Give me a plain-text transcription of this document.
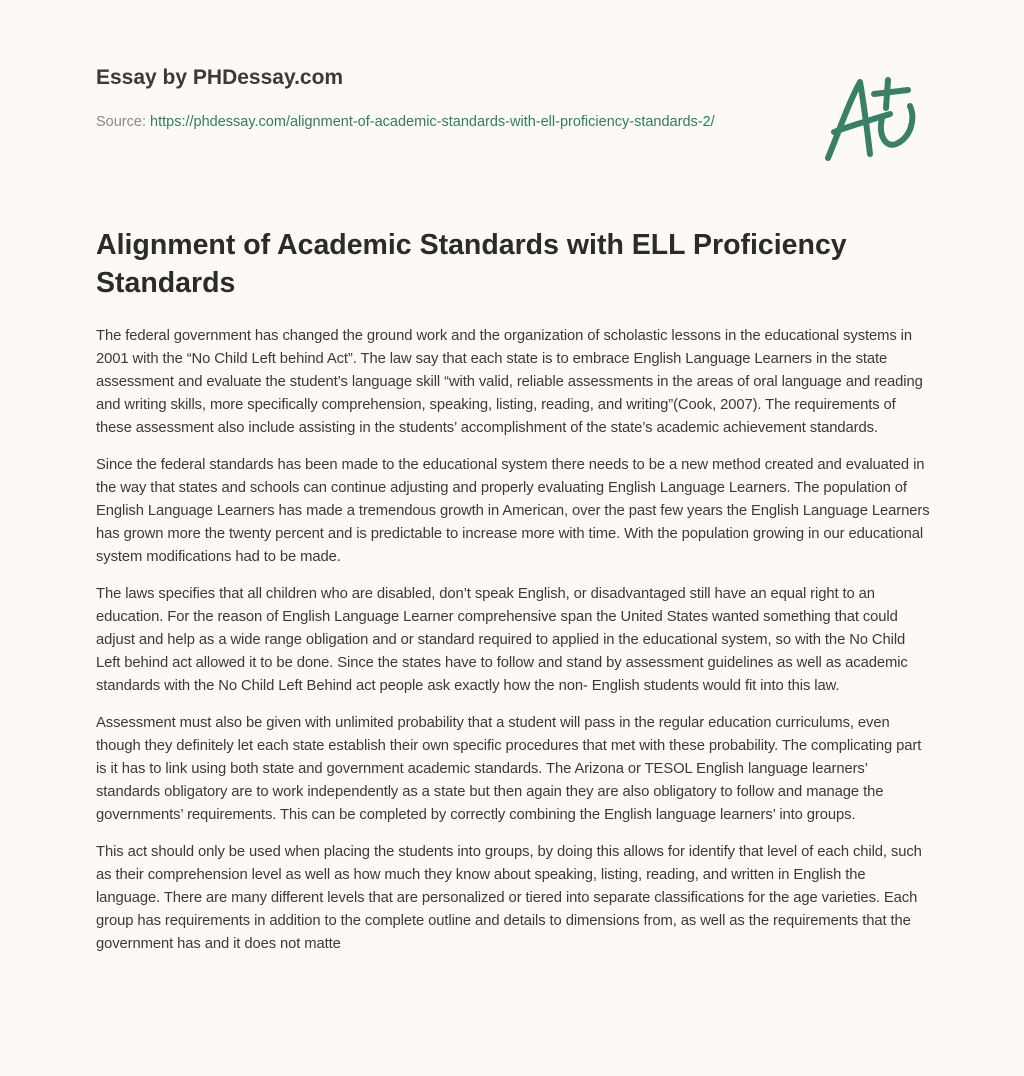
Essay by PHDessay.com
Source: https://phdessay.com/alignment-of-academic-standards-with-ell-proficiency-standards-2/
Alignment of Academic Standards with ELL Proficiency Standards

The federal government has changed the ground work and the organization of scholastic lessons in the educational systems in 2001 with the “No Child Left behind Act”. The law say that each state is to embrace English Language Learners in the state assessment and evaluate the student’s language skill “with valid, reliable assessments in the areas of oral language and reading and writing skills, more specifically comprehension, speaking, listing, reading, and writing”(Cook, 2007). The requirements of these assessment also include assisting in the students’ accomplishment of the state’s academic achievement standards.

Since the federal standards has been made to the educational system there needs to be a new method created and evaluated in the way that states and schools can continue adjusting and properly evaluating English Language Learners. The population of English Language Learners has made a tremendous growth in American, over the past few years the English Language Learners has grown more the twenty percent and is predictable to increase more with time. With the population growing in our educational system modifications had to be made.

The laws specifies that all children who are disabled, don’t speak English, or disadvantaged still have an equal right to an education. For the reason of English Language Learner comprehensive span the United States wanted something that could adjust and help as a wide range obligation and or standard required to applied in the educational system, so with the No Child Left behind act allowed it to be done. Since the states have to follow and stand by assessment guidelines as well as academic standards with the No Child Left Behind act people ask exactly how the non- English students would fit into this law.

Assessment must also be given with unlimited probability that a student will pass in the regular education curriculums, even though they definitely let each state establish their own specific procedures that met with these probability. The complicating part is it has to link using both state and government academic standards. The Arizona or TESOL English language learners’ standards obligatory are to work independently as a state but then again they are also obligatory to follow and manage the governments’ requirements. This can be completed by correctly combining the English language learners’ into groups.

This act should only be used when placing the students into groups, by doing this allows for identify that level of each child, such as their comprehension level as well as how much they know about speaking, listing, reading, and written in English the language. There are many different levels that are personalized or tiered into separate classifications for the age varieties. Each group has requirements in addition to the complete outline and details to dimensions from, as well as the requirements that the government has and it does not matte
